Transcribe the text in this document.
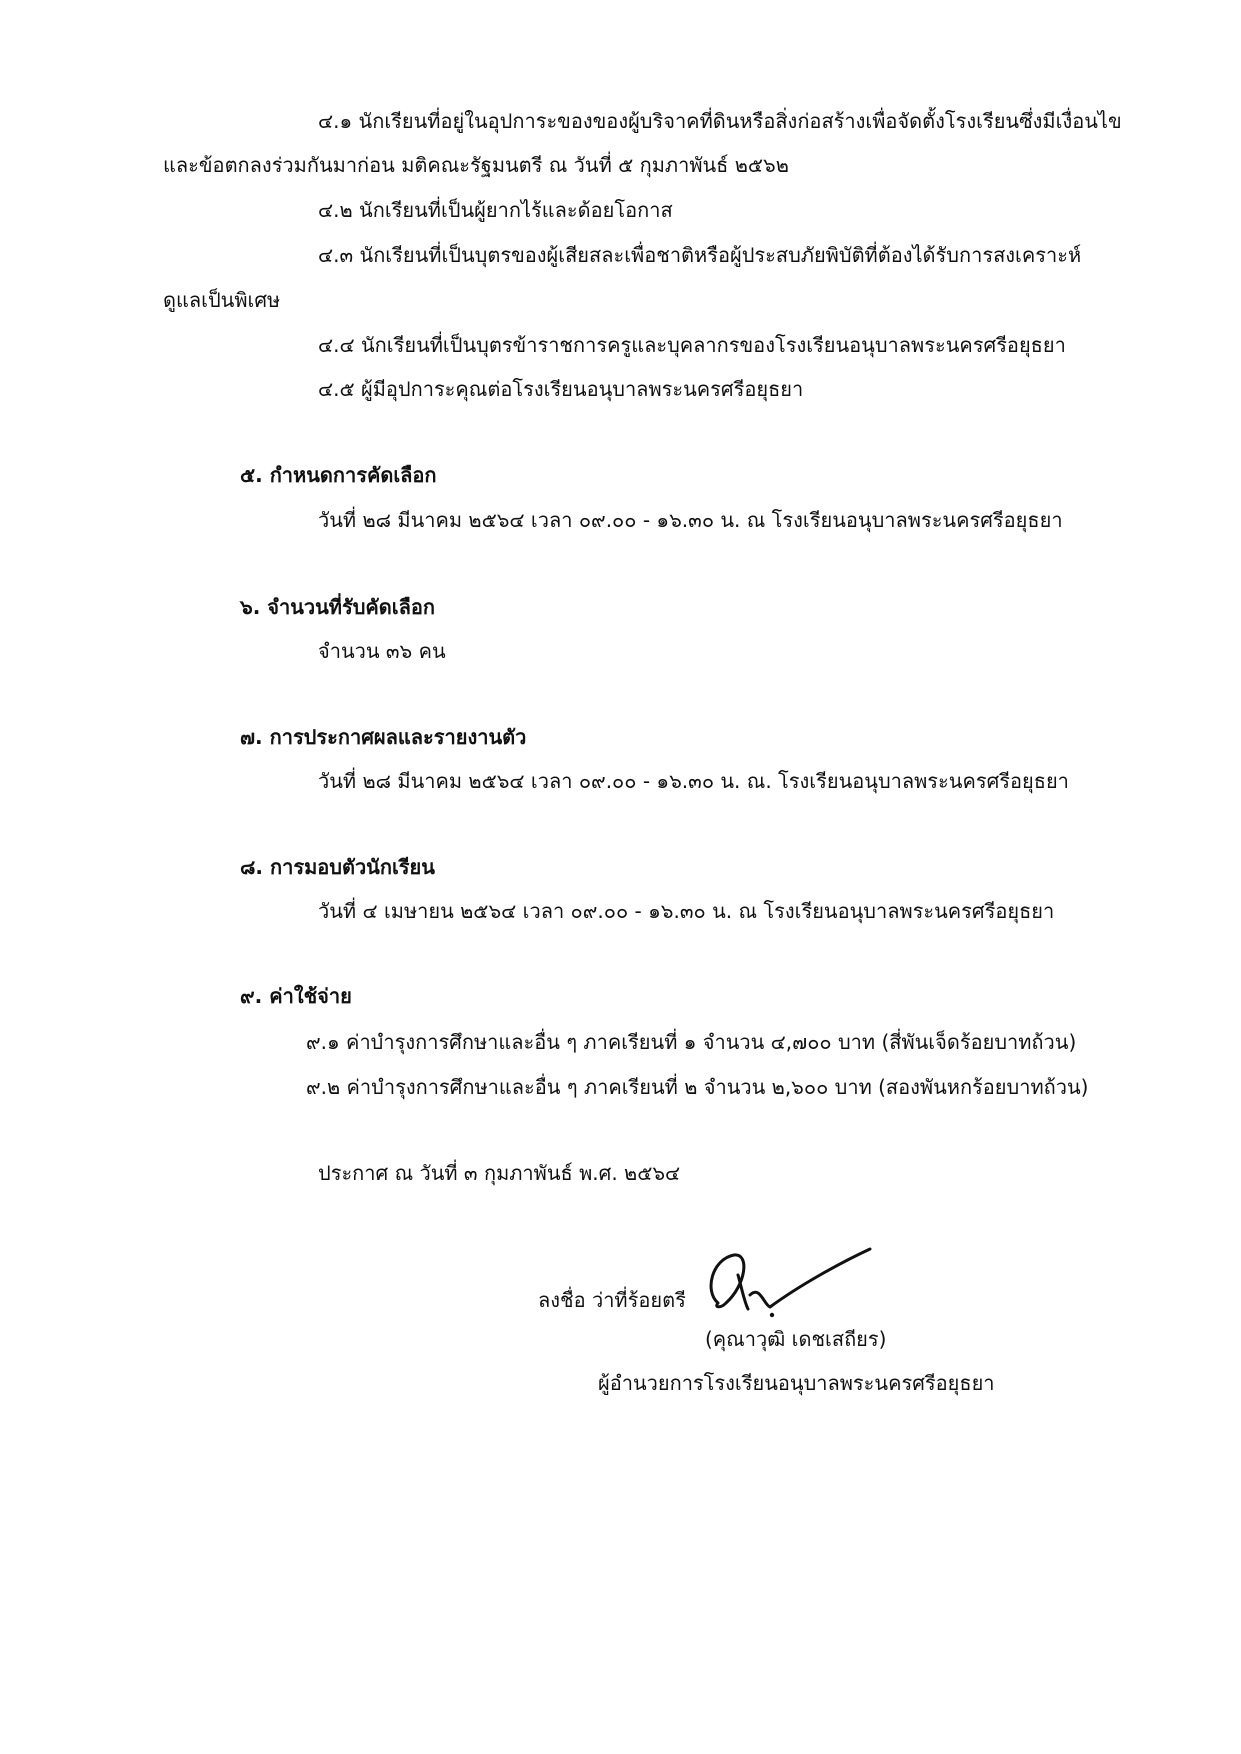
๔.๑ นักเรียนที่อยู่ในอุปการะของของผู้บริจาคที่ดินหรือสิ่งก่อสร้างเพื่อจัดตั้งโรงเรียนซึ่งมีเงื่อนไข
และข้อตกลงร่วมกันมาก่อน มติคณะรัฐมนตรี ณ วันที่ ๕ กุมภาพันธ์ ๒๕๖๒
๔.๒ นักเรียนที่เป็นผู้ยากไร้และด้อยโอกาส
๔.๓ นักเรียนที่เป็นบุตรของผู้เสียสละเพื่อชาติหรือผู้ประสบภัยพิบัติที่ต้องได้รับการสงเคราะห์
ดูแลเป็นพิเศษ
๔.๔ นักเรียนที่เป็นบุตรข้าราชการครูและบุคลากรของโรงเรียนอนุบาลพระนครศรีอยุธยา
๔.๕ ผู้มีอุปการะคุณต่อโรงเรียนอนุบาลพระนครศรีอยุธยา
๕. กำหนดการคัดเลือก
วันที่ ๒๘ มีนาคม ๒๕๖๔ เวลา ๐๙.๐๐ - ๑๖.๓๐ น. ณ โรงเรียนอนุบาลพระนครศรีอยุธยา
๖. จำนวนที่รับคัดเลือก
จำนวน ๓๖ คน
๗. การประกาศผลและรายงานตัว
วันที่ ๒๘ มีนาคม ๒๕๖๔ เวลา ๐๙.๐๐ - ๑๖.๓๐ น. ณ. โรงเรียนอนุบาลพระนครศรีอยุธยา
๘. การมอบตัวนักเรียน
วันที่ ๔ เมษายน ๒๕๖๔ เวลา ๐๙.๐๐ - ๑๖.๓๐ น. ณ โรงเรียนอนุบาลพระนครศรีอยุธยา
๙. ค่าใช้จ่าย
๙.๑ ค่าบำรุงการศึกษาและอื่น ๆ ภาคเรียนที่ ๑ จำนวน ๔,๗๐๐ บาท (สี่พันเจ็ดร้อยบาทถ้วน)
๙.๒ ค่าบำรุงการศึกษาและอื่น ๆ ภาคเรียนที่ ๒ จำนวน ๒,๖๐๐ บาท (สองพันหกร้อยบาทถ้วน)
ประกาศ ณ วันที่ ๓ กุมภาพันธ์ พ.ศ. ๒๕๖๔
ลงชื่อ ว่าที่ร้อยตรี
(คุณาวุฒิ เดชเสถียร)
ผู้อำนวยการโรงเรียนอนุบาลพระนครศรีอยุธยา
